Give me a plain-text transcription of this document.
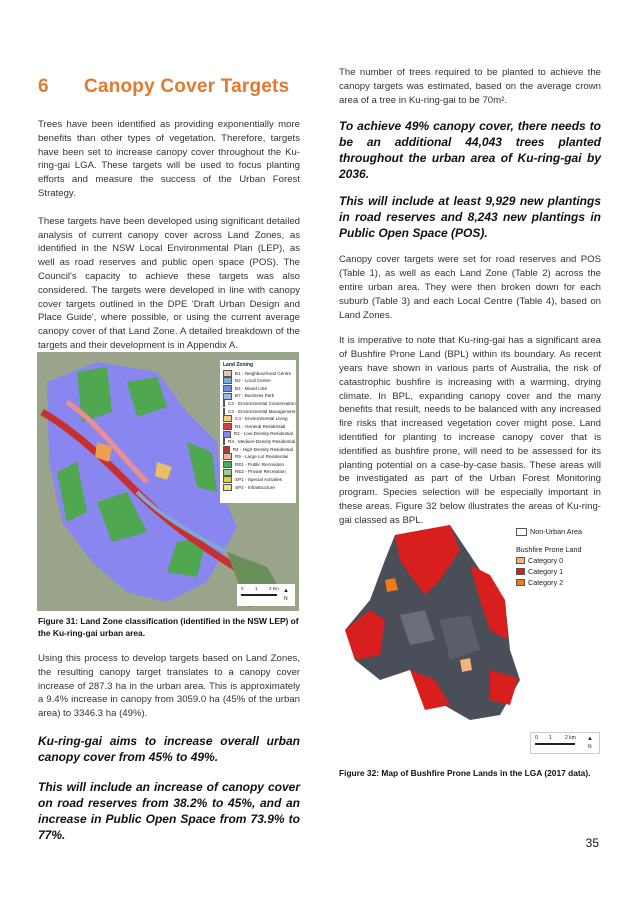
6 Canopy Cover Targets

Trees have been identified as providing exponentially more benefits than other types of vegetation. Therefore, targets have been set to increase canopy cover throughout the Ku-ring-gai LGA. These targets will be used to focus planting efforts and measure the success of the Urban Forest Strategy.

These targets have been developed using significant detailed analysis of current canopy cover across Land Zones, as identified in the NSW Local Environmental Plan (LEP), as well as road reserves and public open space (POS). The Council's capacity to achieve these targets was also considered. The targets were developed in line with canopy cover targets outlined in the DPE 'Draft Urban Design and Place Guide', where possible, or using the current average canopy cover of that Land Zone. A detailed breakdown of the targets and their development is in Appendix A.

Land Zoning
B1 - Neighbourhood Centre
B2 - Local Centre
B4 - Mixed USe
B7 - Business Park
C2 - Environmental Conservation
C3 - Environmental Management
C4 - Environmental Living
R1 - General Residential
R2 - Low-Density Residential
R3 - Medium-Density Residential
R4 - High-Density Residential
R5 - Large Lot Residential
RE1 - Public Recreation
RE2 - Private Recreation
SP1 - Special Activities
SP2 - Infrastructure
0	1	2 km ▲
N

Figure 31: Land Zone classification (identified in the NSW LEP) of the Ku-ring-gai urban area.

Using this process to develop targets based on Land Zones, the resulting canopy target translates to a canopy cover increase of 287.3 ha in the urban area. This is approximately a 9.4% increase in canopy from 3059.0 ha (45% of the urban area) to 3346.3 ha (49%).

Ku-ring-gai aims to increase overall urban canopy cover from 45% to 49%.

This will include an increase of canopy cover on road reserves from 38.2% to 45%, and an increase in Public Open Space from 73.9% to 77%.

The number of trees required to be planted to achieve the canopy targets was estimated, based on the average crown area of a tree in Ku-ring-gai to be 70m².

To achieve 49% canopy cover, there needs to be an additional 44,043 trees planted throughout the urban area of Ku-ring-gai by 2036.

This will include at least 9,929 new plantings in road reserves and 8,243 new plantings in Public Open Space (POS).

Canopy cover targets were set for road reserves and POS (Table 1), as well as each Land Zone (Table 2) across the entire urban area. They were then broken down for each suburb (Table 3) and each Local Centre (Table 4), based on Land Zones.

It is imperative to note that Ku-ring-gai has a significant area of Bushfire Prone Land (BPL) within its boundary. As recent years have shown in various parts of Australia, the risk of catastrophic bushfire is increasing with a warming, drying climate. In BPL, expanding canopy cover and the many benefits that result, needs to be balanced with any increased fire risks that increased vegetation cover might pose. Land identified for planting to increase canopy cover that is identified as bushfire prone, will need to be assessed for its planting potential on a case-by-case basis. These areas will be investigated as part of the Urban Forest Monitoring program. Species selection will be especially important in these areas. Figure 32 below illustrates the areas of Ku-ring-gai classed as BPL.

Non-Urban Area
Bushfire Prone Land
Category 0
Category 1
Category 2
0 1	2 km ▲
N

Figure 32: Map of Bushfire Prone Lands in the LGA (2017 data).

35
